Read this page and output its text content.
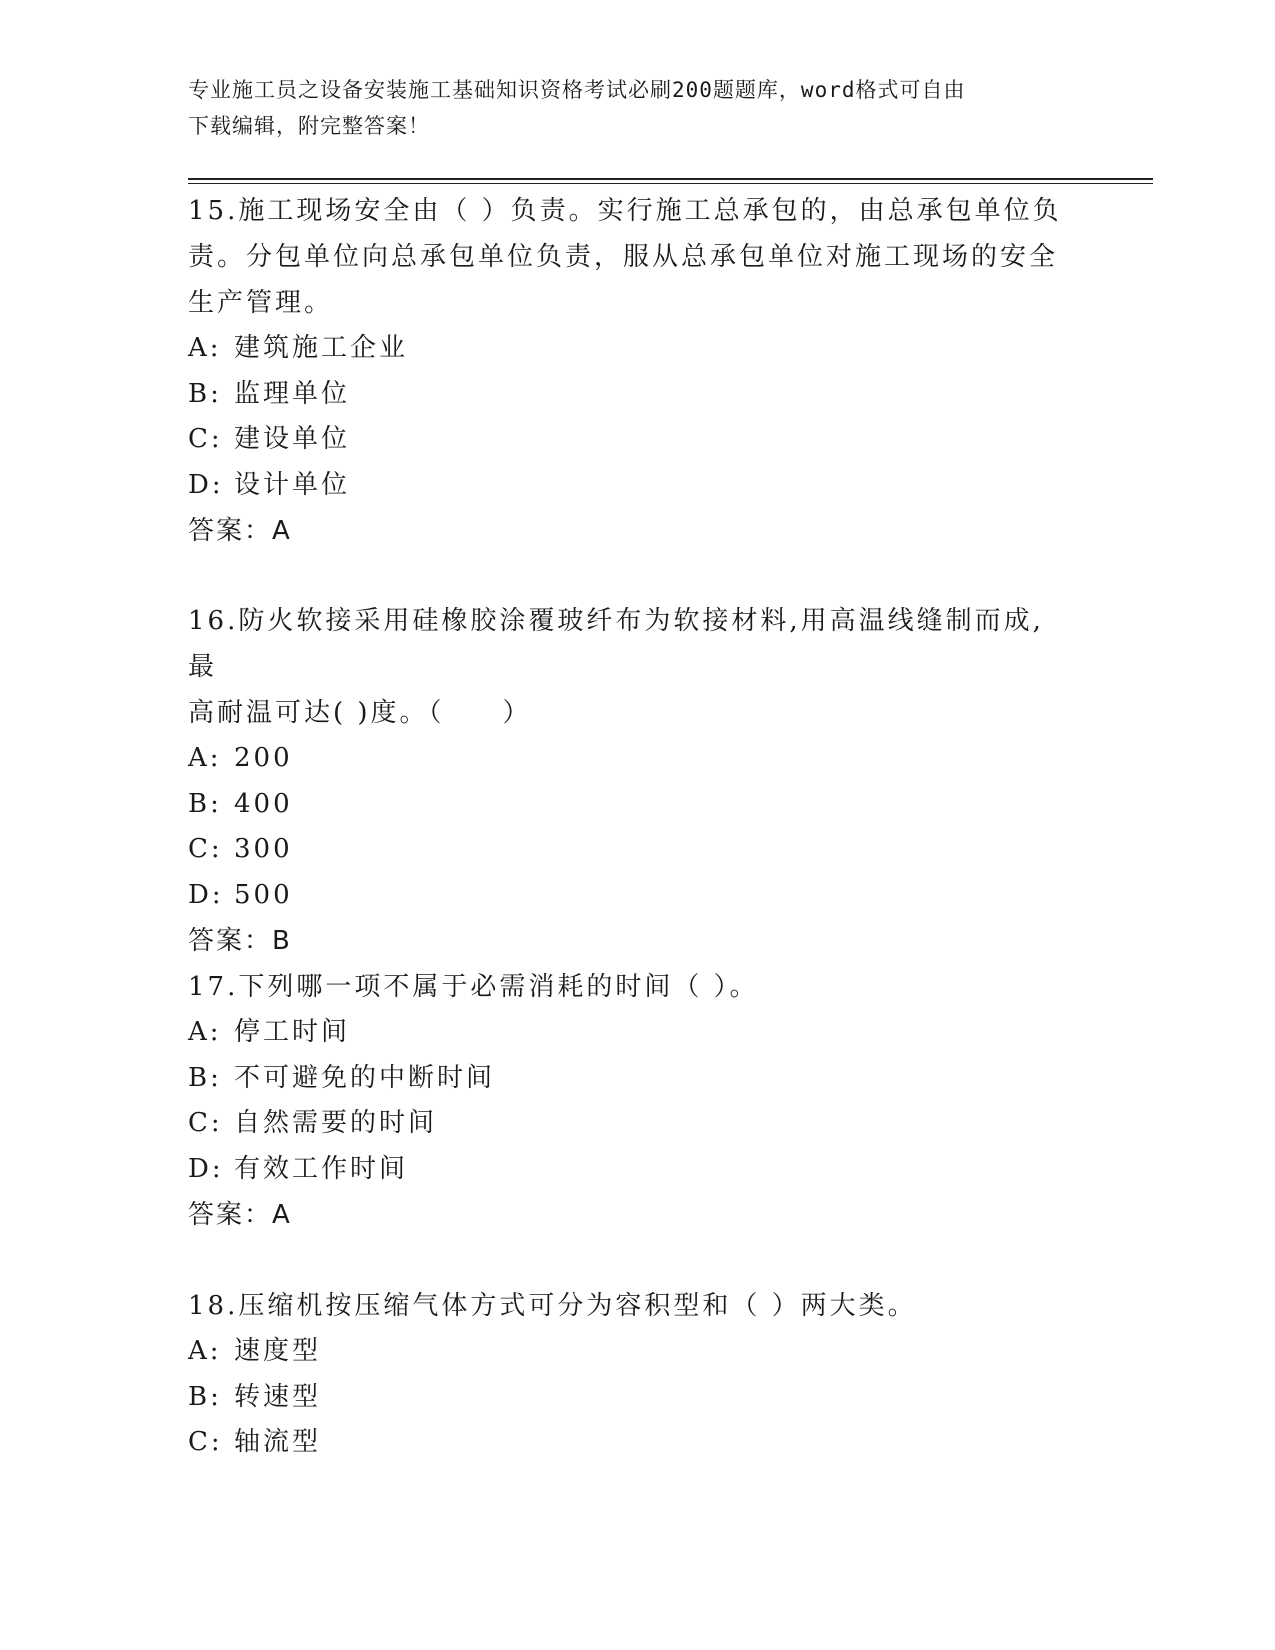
专业施工员之设备安装施工基础知识资格考试必刷200题题库，word格式可自由
下载编辑，附完整答案！

15.施工现场安全由（ ）负责。实行施工总承包的，由总承包单位负

责。分包单位向总承包单位负责，服从总承包单位对施工现场的安全

生产管理。

A: 建筑施工企业

B: 监理单位

C: 建设单位

D: 设计单位

答案：A

16.防火软接采用硅橡胶涂覆玻纤布为软接材料,用高温线缝制而成,最

高耐温可达( )度。（　　）

A: 200

B: 400

C: 300

D: 500

答案：B

17.下列哪一项不属于必需消耗的时间（ ）。

A: 停工时间

B: 不可避免的中断时间

C: 自然需要的时间

D: 有效工作时间

答案：A

18.压缩机按压缩气体方式可分为容积型和（ ）两大类。

A: 速度型

B: 转速型

C: 轴流型
